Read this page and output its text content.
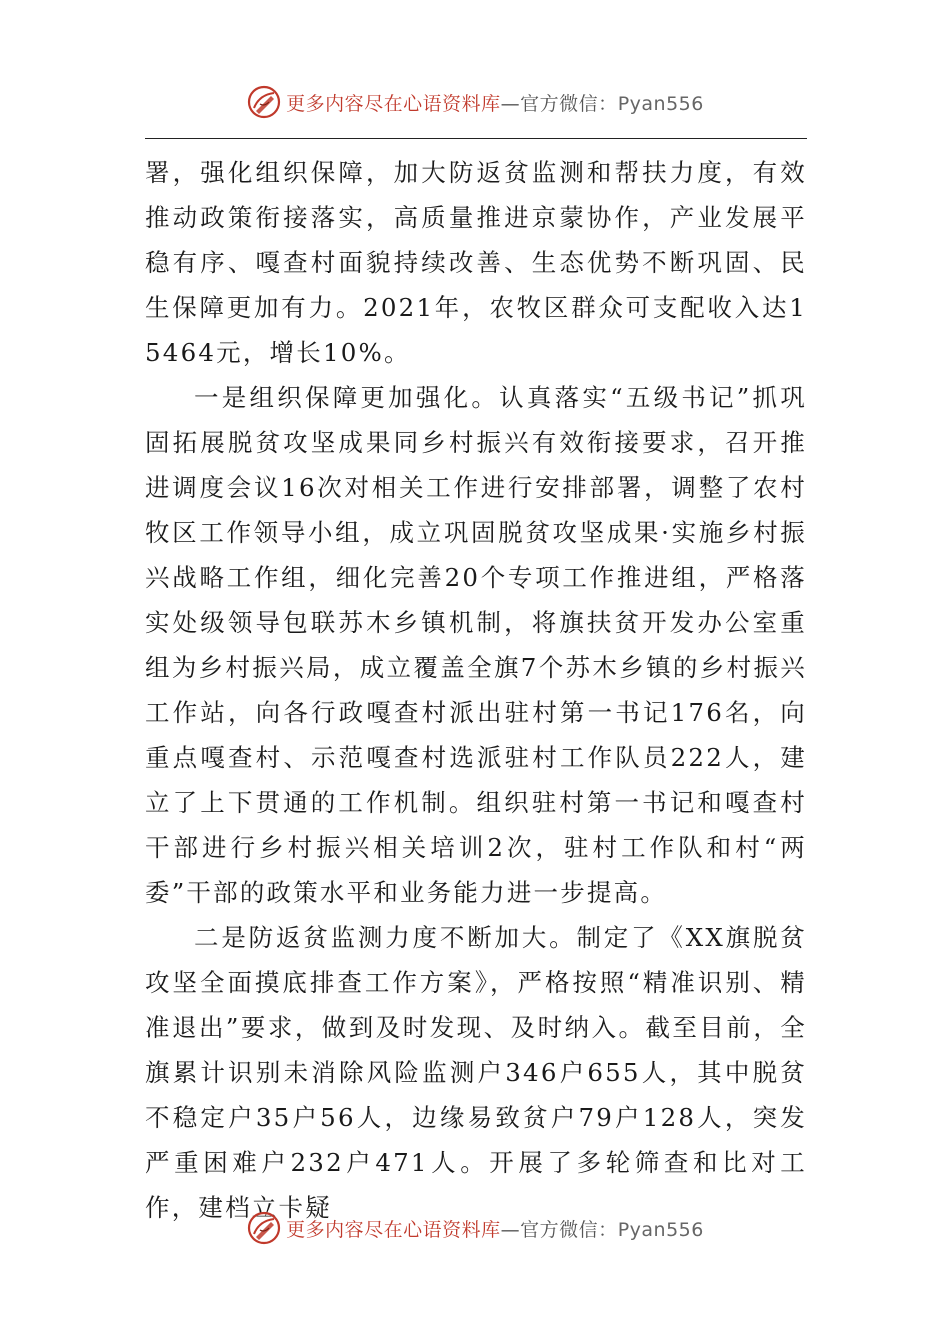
更多内容尽在心语资料库—官方微信：Pyan556

署，强化组织保障，加大防返贫监测和帮扶力度，有效推动政策衔接落实，高质量推进京蒙协作，产业发展平稳有序、嘎查村面貌持续改善、生态优势不断巩固、民生保障更加有力。2021年，农牧区群众可支配收入达15464元，增长10%。

一是组织保障更加强化。认真落实“五级书记”抓巩固拓展脱贫攻坚成果同乡村振兴有效衔接要求，召开推进调度会议16次对相关工作进行安排部署，调整了农村牧区工作领导小组，成立巩固脱贫攻坚成果·实施乡村振兴战略工作组，细化完善20个专项工作推进组，严格落实处级领导包联苏木乡镇机制，将旗扶贫开发办公室重组为乡村振兴局，成立覆盖全旗7个苏木乡镇的乡村振兴工作站，向各行政嘎查村派出驻村第一书记176名，向重点嘎查村、示范嘎查村选派驻村工作队员222人，建立了上下贯通的工作机制。组织驻村第一书记和嘎查村干部进行乡村振兴相关培训2次，驻村工作队和村“两委”干部的政策水平和业务能力进一步提高。

二是防返贫监测力度不断加大。制定了《XX旗脱贫攻坚全面摸底排查工作方案》，严格按照“精准识别、精准退出”要求，做到及时发现、及时纳入。截至目前，全旗累计识别未消除风险监测户346户655人，其中脱贫不稳定户35户56人，边缘易致贫户79户128人，突发严重困难户232户471人。开展了多轮筛查和比对工作，建档立卡疑

更多内容尽在心语资料库—官方微信：Pyan556
